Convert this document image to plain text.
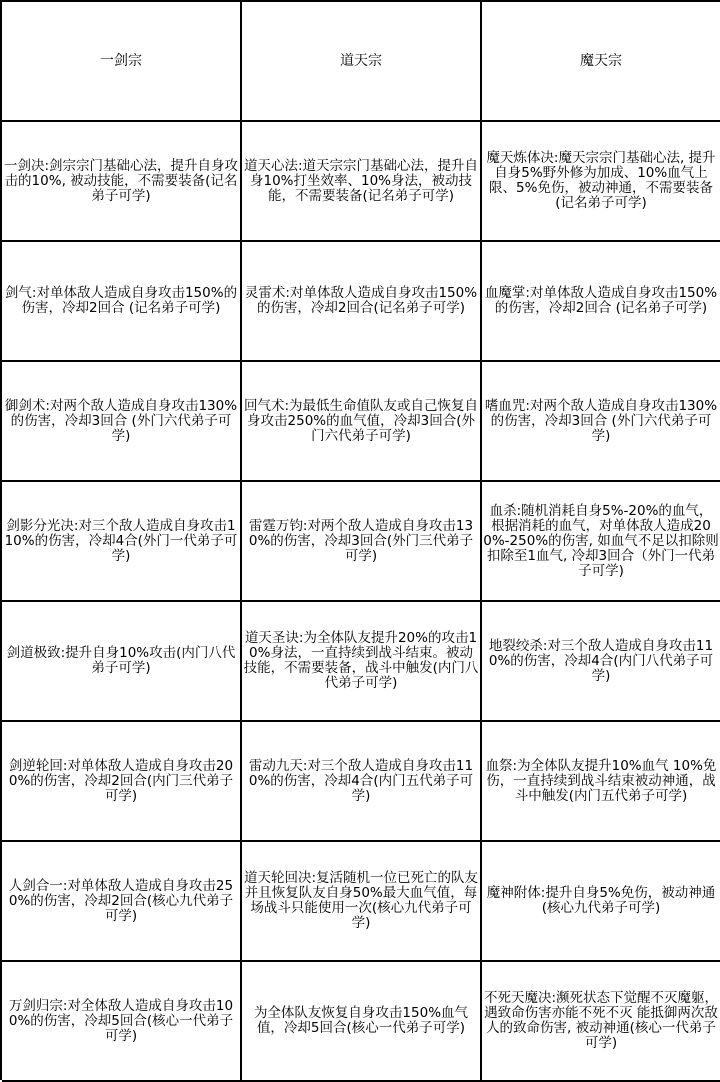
一剑宗	道天宗	魔天宗
一剑决:剑宗宗门基础心法，提升自身攻击的10%, 被动技能，不需要装备(记名弟子可学)
道天心法:道天宗宗门基础心法，提升自身10%打坐效率、10%身法，被动技能，不需要装备(记名弟子可学)
魔天炼体决:魔天宗宗门基础心法, 提升自身5%野外修为加成、10%血气上限、5%免伤，被动神通，不需要装备(记名弟子可学)
剑气:对单体敌人造成自身攻击150%的伤害，冷却2回合 (记名弟子可学)
灵雷术:对单体敌人造成自身攻击150%的伤害，冷却2回合(记名弟子可学)
血魔掌:对单体敌人造成自身攻击150%的伤害，冷却2回合 (记名弟子可学)
御剑术:对两个敌人造成自身攻击130%的伤害，冷却3回合 (外门六代弟子可学)
回气术:为最低生命值队友或自己恢复自身攻击250%的血气值，冷却3回合(外门六代弟子可学)
嗜血咒:对两个敌人造成自身攻击130%的伤害，冷却3回合 (外门六代弟子可学)
剑影分光决:对三个敌人造成自身攻击110%的伤害，冷却4合(外门一代弟子可学)
雷霆万钧:对两个敌人造成自身攻击130%的伤害，冷却3回合(外门三代弟子可学)
血杀:随机消耗自身5%-20%的血气，根据消耗的血气，对单体敌人造成200%-250%的伤害, 如血气不足以扣除则扣除至1血气, 冷却3回合（外门一代弟子可学)
剑道极致:提升自身10%攻击(内门八代弟子可学)
道天圣诀:为全体队友提升20%的攻击10%身法，一直持续到战斗结束。被动技能，不需要装备，战斗中触发(内门八代弟子可学)
地裂绞杀:对三个敌人造成自身攻击110%的伤害，冷却4合(内门八代弟子可学)
剑逆轮回:对单体敌人造成自身攻击200%的伤害，冷却2回合(内门三代弟子可学)
雷动九天:对三个敌人造成自身攻击110%的伤害，冷却4合(内门五代弟子可学)
血祭:为全体队友提升10%血气 10%免伤，一直持续到战斗结束被动神通，战斗中触发(内门五代弟子可学)
人剑合一:对单体敌人造成自身攻击250%的伤害，冷却2回合(核心九代弟子可学)
道天轮回决:复活随机一位已死亡的队友并且恢复队友自身50%最大血气值，每场战斗只能使用一次(核心九代弟子可学)
魔神附体:提升自身5%免伤，被动神通(核心九代弟子可学)
万剑归宗:对全体敌人造成自身攻击100%的伤害，冷却5回合(核心一代弟子可学)
为全体队友恢复自身攻击150%血气值，冷却5回合(核心一代弟子可学)
不死天魔决:濒死状态下觉醒不灭魔躯，遇致命伤害亦能不死不灭 能抵御两次敌人的致命伤害, 被动神通(核心一代弟子可学)
